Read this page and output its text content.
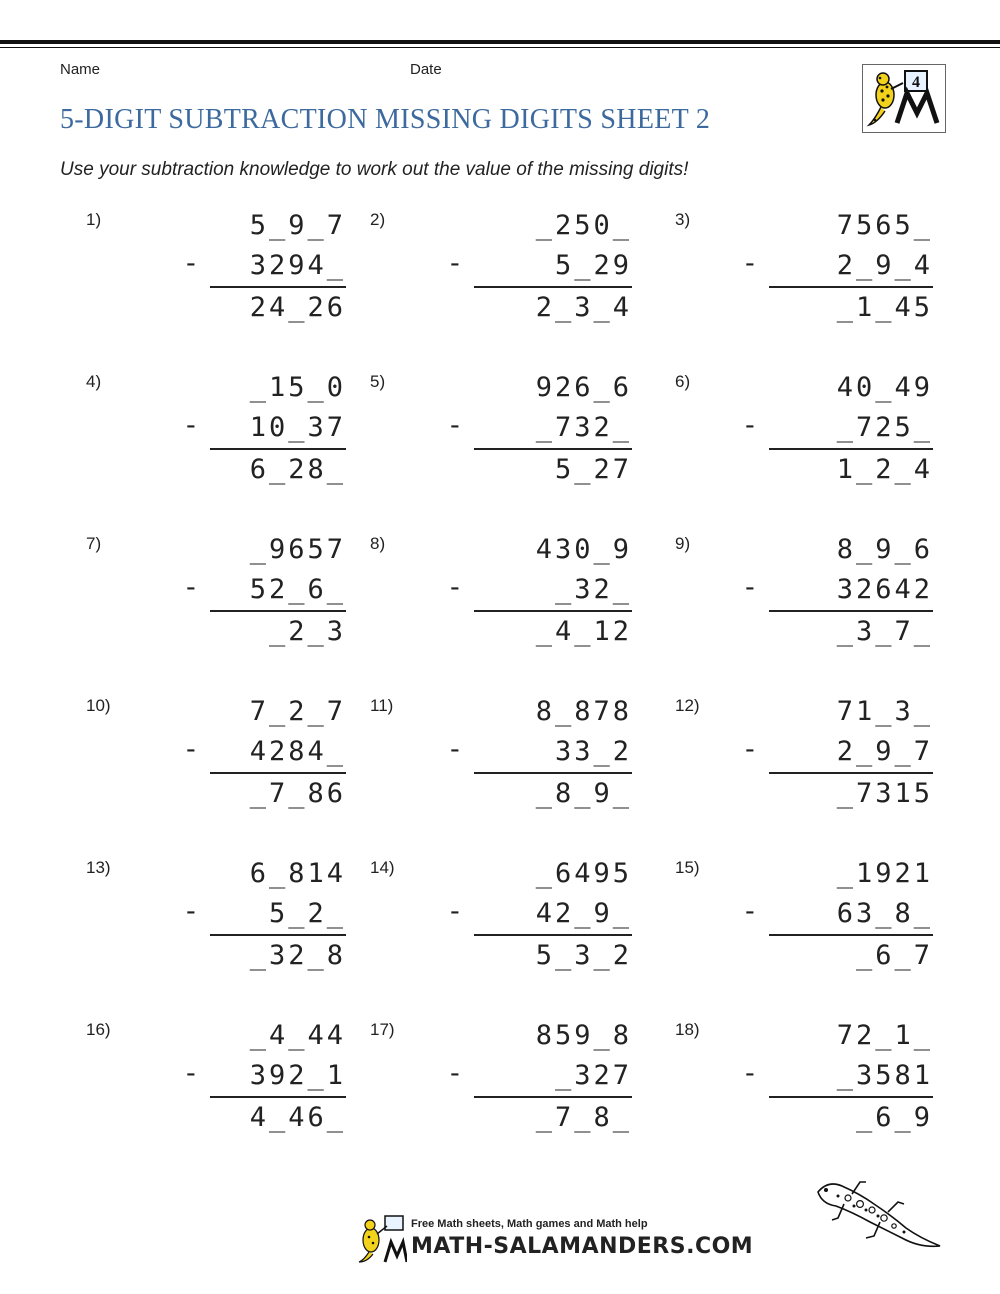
Name	Date
4
5-DIGIT SUBTRACTION MISSING DIGITS SHEET 2
Use your subtraction knowledge to work out the value of the missing digits!
1)	5_9_7
3294_
24_26
-
2)	_250_
5_29
2_3_4
-
3)	7565_
2_9_4
_1_45
-
4)	_15_0
10_37
6_28_
-
5)	926_6
_732_
5_27
-
6)	40_49
_725_
1_2_4
-
7)	_9657
52_6_
_2_3
-
8)	430_9
_32_
_4_12
-
9)	8_9_6
32642
_3_7_
-
10)	7_2_7
4284_
_7_86
-
11)	8_878
33_2
_8_9_
-
12)	71_3_
2_9_7
_7315
-
13)	6_814
5_2_
_32_8
-
14)	_6495
42_9_
5_3_2
-
15)	_1921
63_8_
_6_7
-
16)	_4_44
392_1
4_46_
-
17)	859_8
_327
_7_8_
-
18)	72_1_
_3581
_6_9
-
Free Math sheets, Math games and Math help
MATH-SALAMANDERS.COM
